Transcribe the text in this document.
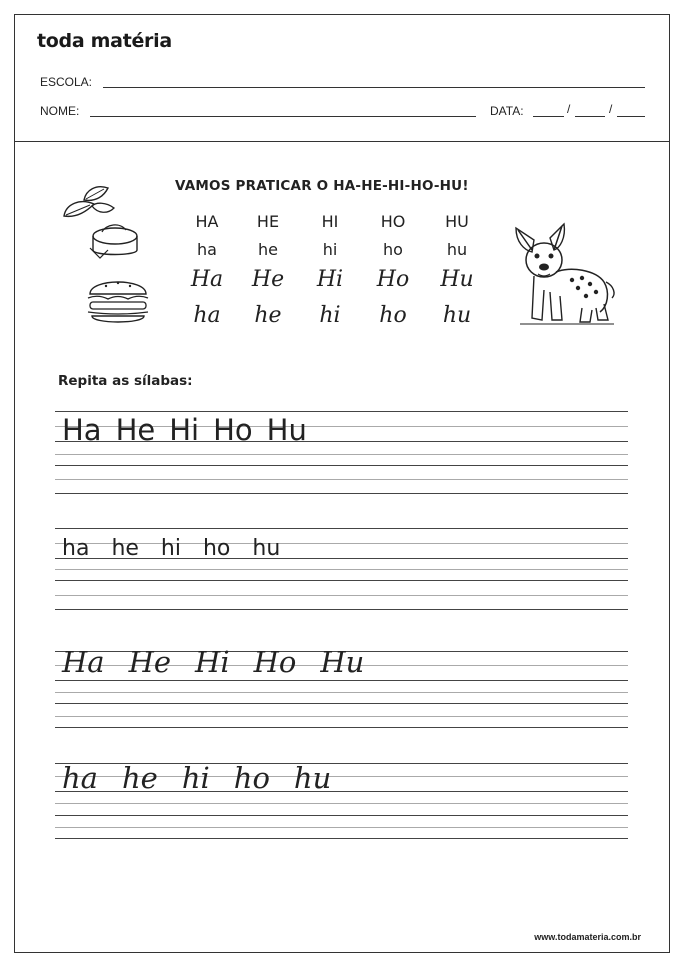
toda matéria
ESCOLA:
NOME:	DATA:	/	/
VAMOS PRATICAR O HA-HE-HI-HO-HU!
HA	HE	HI	HO	HU
ha	he	hi	ho	hu
Ha	He	Hi	Ho	Hu
ha	he	hi	ho	hu
Repita as sílabas:
Ha He Hi Ho Hu
ha he hi ho hu
Ha He Hi Ho Hu
ha he hi ho hu
www.todamateria.com.br
